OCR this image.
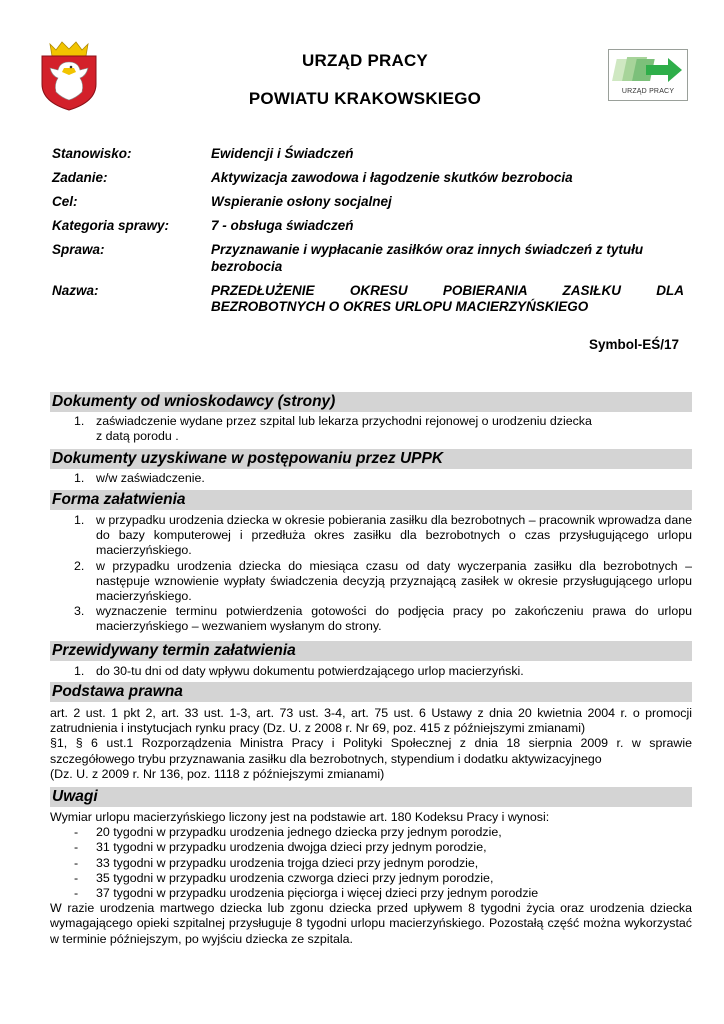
URZĄD PRACY
POWIATU KRAKOWSKIEGO	URZĄD PRACY
Stanowisko:	Ewidencji i Świadczeń
Zadanie:	Aktywizacja zawodowa i łagodzenie skutków bezrobocia
Cel:	Wspieranie osłony socjalnej
Kategoria sprawy:	7 - obsługa świadczeń
Sprawa:	Przyznawanie i wypłacanie zasiłków oraz innych świadczeń z tytułu
bezrobocia
Nazwa:	PRZEDŁUŻENIE OKRESU POBIERANIA ZASIŁKU DLA
BEZROBOTNYCH O OKRES URLOPU MACIERZYŃSKIEGO
Symbol-EŚ/17
Dokumenty od wnioskodawcy (strony)
1. zaświadczenie wydane przez szpital lub lekarza przychodni rejonowej o urodzeniu dziecka
z datą porodu .
Dokumenty uzyskiwane w postępowaniu przez UPPK
1. w/w zaświadczenie.
Forma załatwienia
1. w przypadku urodzenia dziecka w okresie pobierania zasiłku dla bezrobotnych – pracownik wprowadza dane do bazy komputerowej i przedłuża okres zasiłku dla bezrobotnych o czas przysługującego urlopu macierzyńskiego.
2. w przypadku urodzenia dziecka do miesiąca czasu od daty wyczerpania zasiłku dla bezrobotnych – następuje wznowienie wypłaty świadczenia decyzją przyznającą zasiłek w okresie przysługującego urlopu macierzyńskiego.
3. wyznaczenie terminu potwierdzenia gotowości do podjęcia pracy po zakończeniu prawa do urlopu macierzyńskiego – wezwaniem wysłanym do strony.
Przewidywany termin załatwienia
1. do 30-tu dni od daty wpływu dokumentu potwierdzającego urlop macierzyński.
Podstawa prawna

art. 2 ust. 1 pkt 2, art. 33 ust. 1-3, art. 73 ust. 3-4, art. 75 ust. 6 Ustawy z dnia 20 kwietnia 2004 r. o promocji zatrudnienia i instytucjach rynku pracy (Dz. U. z 2008 r. Nr 69, poz. 415 z późniejszymi zmianami)

§1, § 6 ust.1 Rozporządzenia Ministra Pracy i Polityki Społecznej z dnia 18 sierpnia 2009 r. w sprawie szczegółowego trybu przyznawania zasiłku dla bezrobotnych, stypendium i dodatku aktywizacyjnego

(Dz. U. z 2009 r. Nr 136, poz. 1118 z późniejszymi zmianami)

Uwagi

Wymiar urlopu macierzyńskiego liczony jest na podstawie art. 180 Kodeksu Pracy i wynosi:

- 20 tygodni w przypadku urodzenia jednego dziecka przy jednym porodzie,
- 31 tygodni w przypadku urodzenia dwojga dzieci przy jednym porodzie,
- 33 tygodni w przypadku urodzenia trojga dzieci przy jednym porodzie,
- 35 tygodni w przypadku urodzenia czworga dzieci przy jednym porodzie,
- 37 tygodni w przypadku urodzenia pięciorga i więcej dzieci przy jednym porodzie

W razie urodzenia martwego dziecka lub zgonu dziecka przed upływem 8 tygodni życia oraz urodzenia dziecka wymagającego opieki szpitalnej przysługuje 8 tygodni urlopu macierzyńskiego. Pozostałą część można wykorzystać w terminie późniejszym, po wyjściu dziecka ze szpitala.
